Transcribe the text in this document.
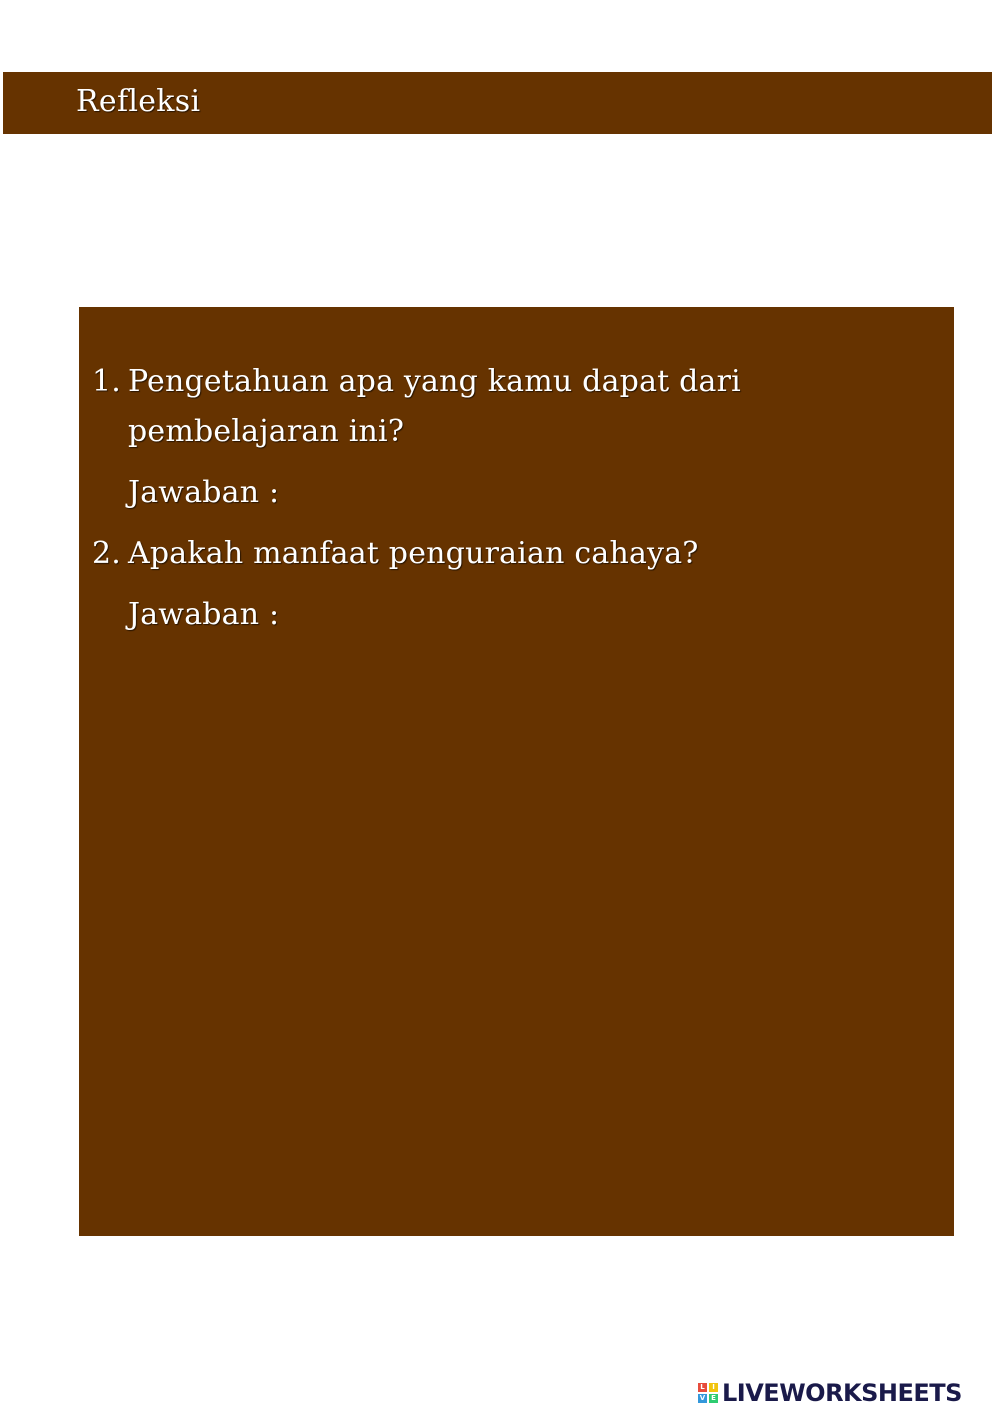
Refleksi
1. Pengetahuan apa yang kamu dapat dari
pembelajaran ini?
Jawaban :
2. Apakah manfaat penguraian cahaya?
Jawaban :
L	I
V E LIVEWORKSHEETS
